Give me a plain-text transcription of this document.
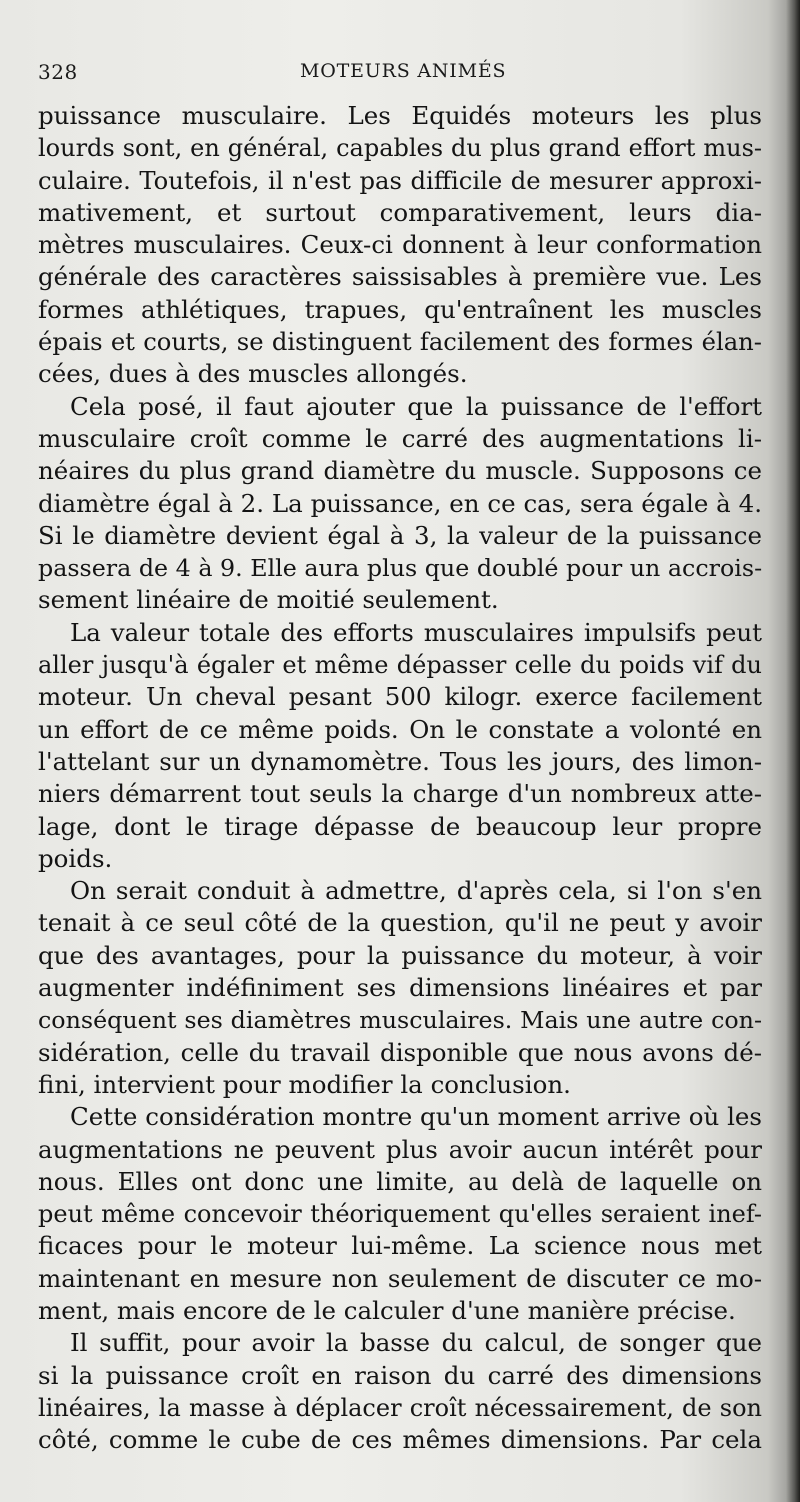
328	MOTEURS ANIMÉS
puissance musculaire. Les Equidés moteurs les plus
lourds sont, en général, capables du plus grand effort mus-
culaire. Toutefois, il n'est pas difficile de mesurer approxi-
mativement, et surtout comparativement, leurs dia-
mètres musculaires. Ceux-ci donnent à leur conformation
générale des caractères saissisables à première vue. Les
formes athlétiques, trapues, qu'entraînent les muscles
épais et courts, se distinguent facilement des formes élan-
cées, dues à des muscles allongés.
Cela posé, il faut ajouter que la puissance de l'effort
musculaire croît comme le carré des augmentations li-
néaires du plus grand diamètre du muscle. Supposons ce
diamètre égal à 2. La puissance, en ce cas, sera égale à 4.
Si le diamètre devient égal à 3, la valeur de la puissance
passera de 4 à 9. Elle aura plus que doublé pour un accrois-
sement linéaire de moitié seulement.
La valeur totale des efforts musculaires impulsifs peut
aller jusqu'à égaler et même dépasser celle du poids vif du
moteur. Un cheval pesant 500 kilogr. exerce facilement
un effort de ce même poids. On le constate a volonté en
l'attelant sur un dynamomètre. Tous les jours, des limon-
niers démarrent tout seuls la charge d'un nombreux atte-
lage, dont le tirage dépasse de beaucoup leur propre
poids.
On serait conduit à admettre, d'après cela, si l'on s'en
tenait à ce seul côté de la question, qu'il ne peut y avoir
que des avantages, pour la puissance du moteur, à voir
augmenter indéfiniment ses dimensions linéaires et par
conséquent ses diamètres musculaires. Mais une autre con-
sidération, celle du travail disponible que nous avons dé-
fini, intervient pour modifier la conclusion.
Cette considération montre qu'un moment arrive où les
augmentations ne peuvent plus avoir aucun intérêt pour
nous. Elles ont donc une limite, au delà de laquelle on
peut même concevoir théoriquement qu'elles seraient inef-
ficaces pour le moteur lui-même. La science nous met
maintenant en mesure non seulement de discuter ce mo-
ment, mais encore de le calculer d'une manière précise.
Il suffit, pour avoir la basse du calcul, de songer que
si la puissance croît en raison du carré des dimensions
linéaires, la masse à déplacer croît nécessairement, de son
côté, comme le cube de ces mêmes dimensions. Par cela
